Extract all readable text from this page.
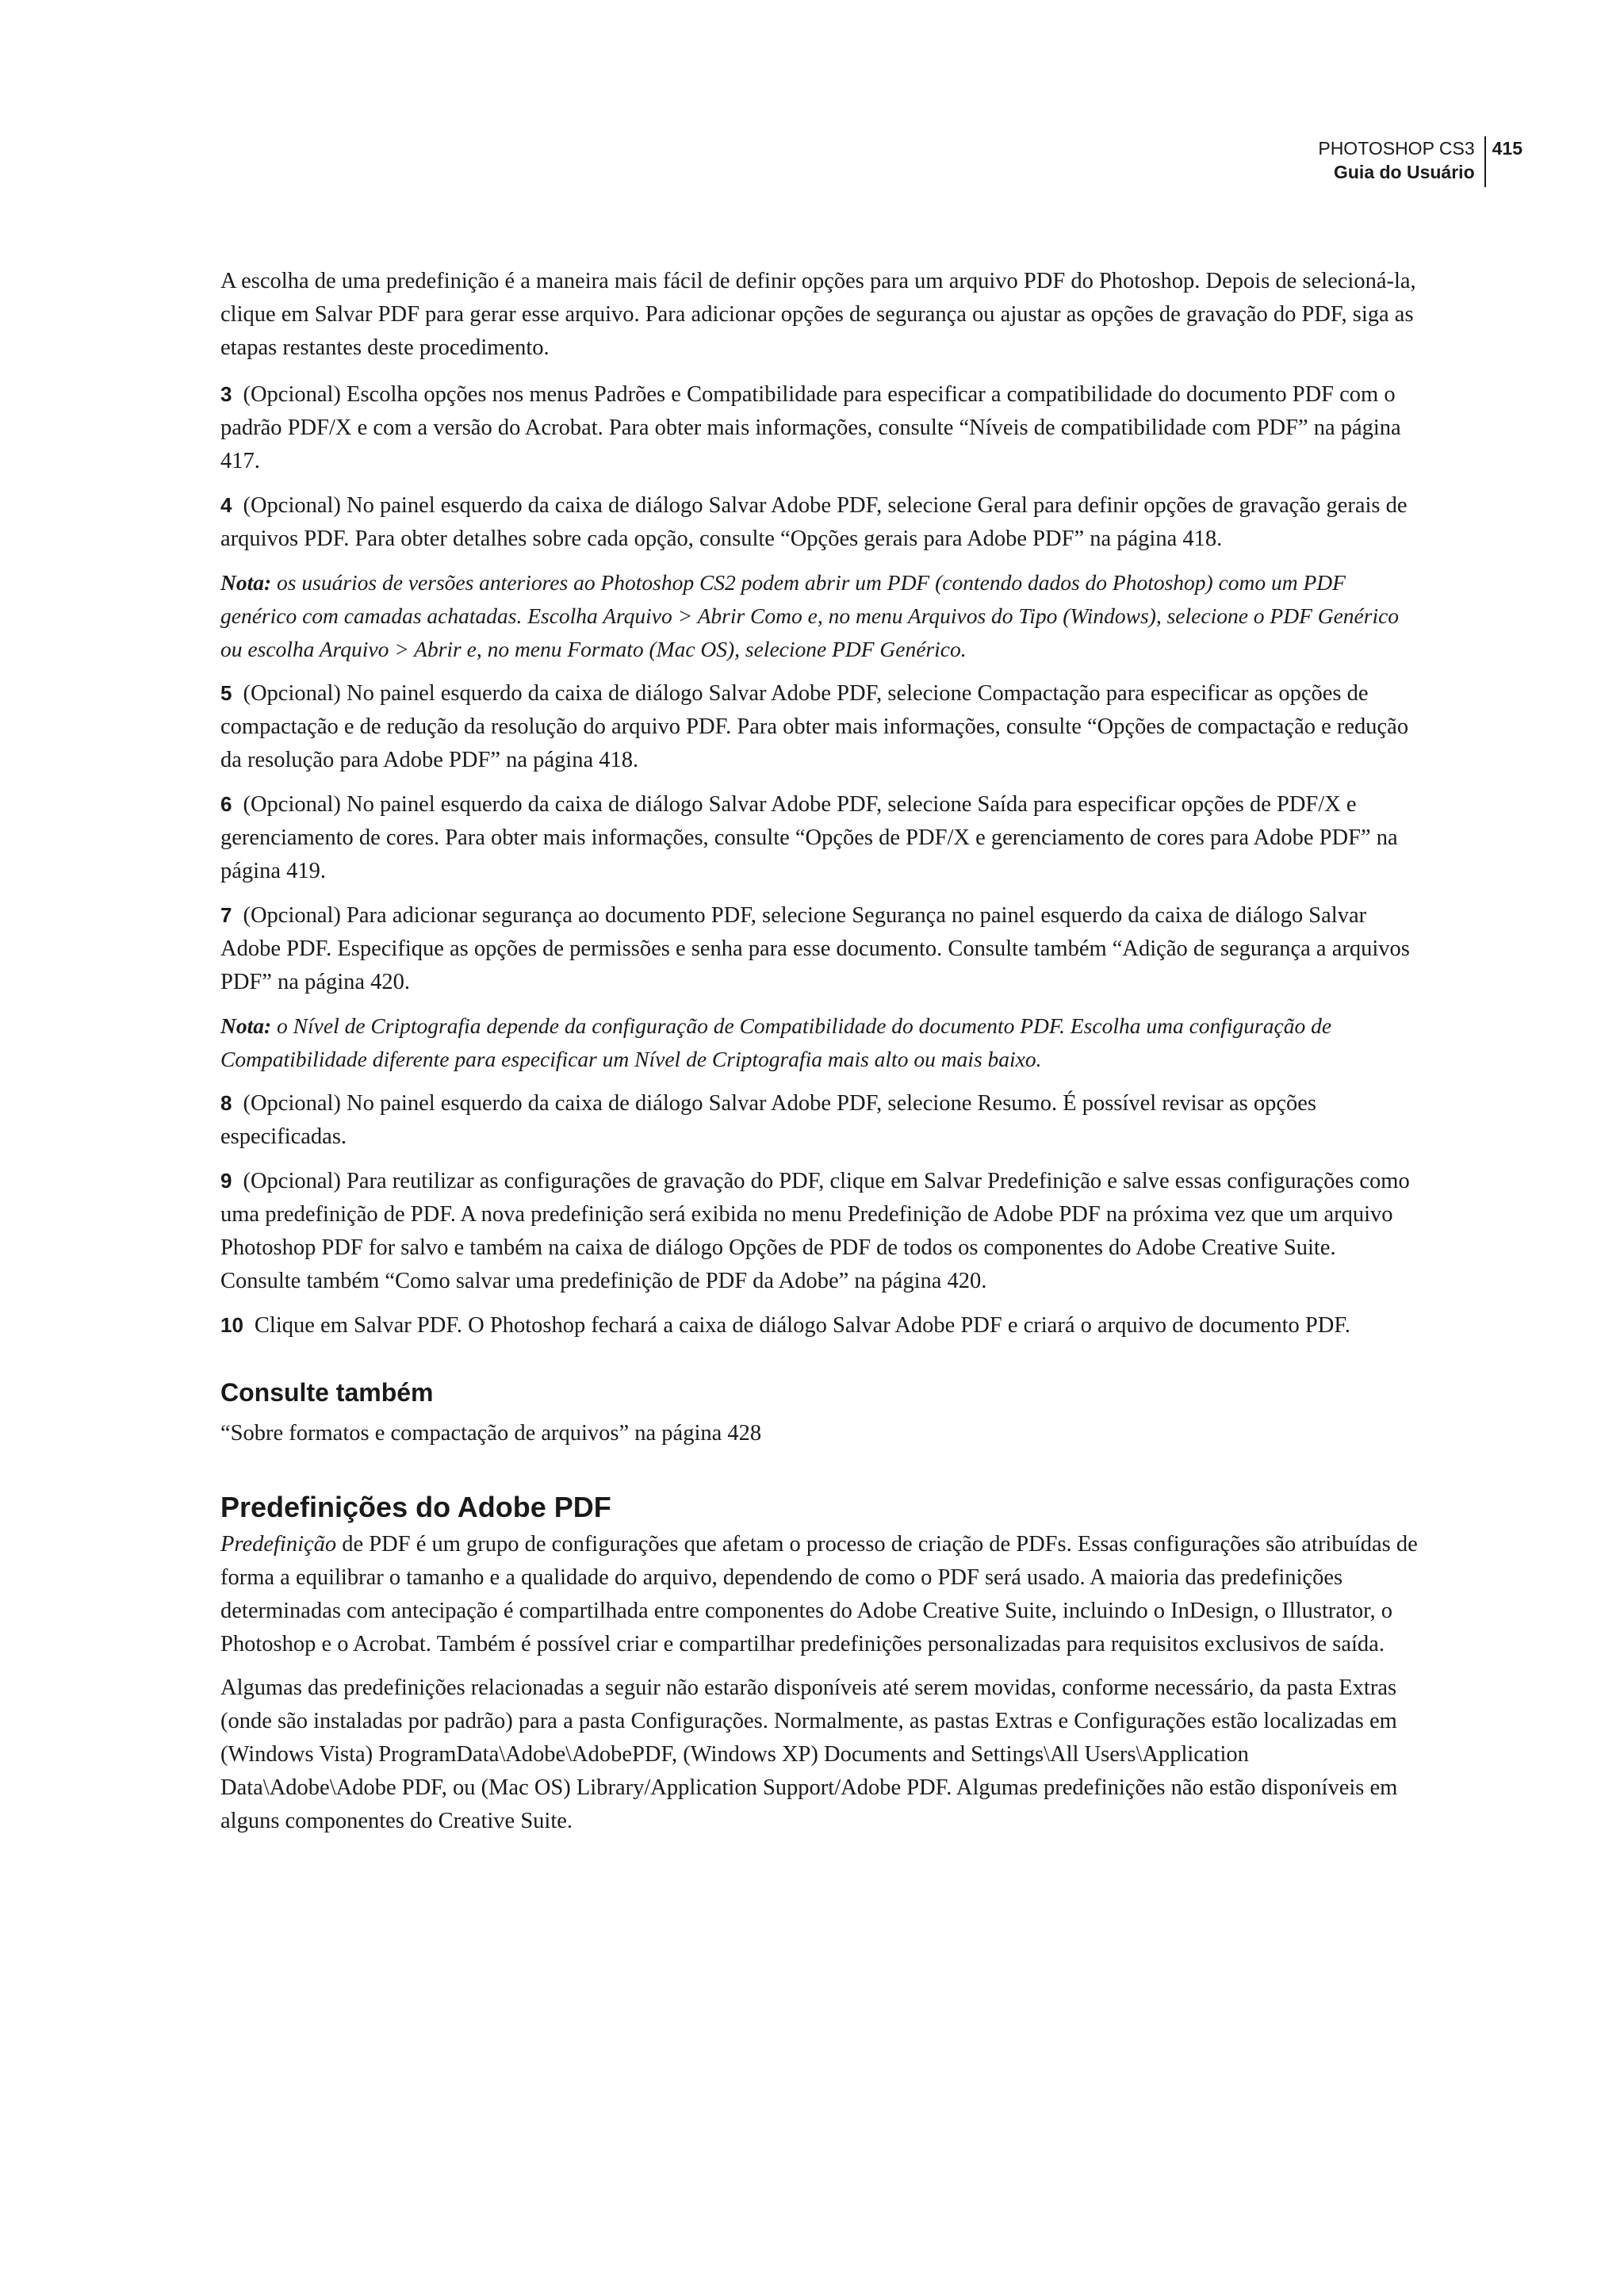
PHOTOSHOP CS3
Guia do Usuário
415

A escolha de uma predefinição é a maneira mais fácil de definir opções para um arquivo PDF do Photoshop. Depois de selecioná-la, clique em Salvar PDF para gerar esse arquivo. Para adicionar opções de segurança ou ajustar as opções de gravação do PDF, siga as etapas restantes deste procedimento.

3 (Opcional) Escolha opções nos menus Padrões e Compatibilidade para especificar a compatibilidade do documento PDF com o padrão PDF/X e com a versão do Acrobat. Para obter mais informações, consulte “Níveis de compatibilidade com PDF” na página 417.

4 (Opcional) No painel esquerdo da caixa de diálogo Salvar Adobe PDF, selecione Geral para definir opções de gravação gerais de arquivos PDF. Para obter detalhes sobre cada opção, consulte “Opções gerais para Adobe PDF” na página 418.

Nota: os usuários de versões anteriores ao Photoshop CS2 podem abrir um PDF (contendo dados do Photoshop) como um PDF genérico com camadas achatadas. Escolha Arquivo > Abrir Como e, no menu Arquivos do Tipo (Windows), selecione o PDF Genérico ou escolha Arquivo > Abrir e, no menu Formato (Mac OS), selecione PDF Genérico.

5 (Opcional) No painel esquerdo da caixa de diálogo Salvar Adobe PDF, selecione Compactação para especificar as opções de compactação e de redução da resolução do arquivo PDF. Para obter mais informações, consulte “Opções de compactação e redução da resolução para Adobe PDF” na página 418.

6 (Opcional) No painel esquerdo da caixa de diálogo Salvar Adobe PDF, selecione Saída para especificar opções de PDF/X e gerenciamento de cores. Para obter mais informações, consulte “Opções de PDF/X e gerenciamento de cores para Adobe PDF” na página 419.

7 (Opcional) Para adicionar segurança ao documento PDF, selecione Segurança no painel esquerdo da caixa de diálogo Salvar Adobe PDF. Especifique as opções de permissões e senha para esse documento. Consulte também “Adição de segurança a arquivos PDF” na página 420.

Nota: o Nível de Criptografia depende da configuração de Compatibilidade do documento PDF. Escolha uma configuração de Compatibilidade diferente para especificar um Nível de Criptografia mais alto ou mais baixo.

8 (Opcional) No painel esquerdo da caixa de diálogo Salvar Adobe PDF, selecione Resumo. É possível revisar as opções especificadas.

9 (Opcional) Para reutilizar as configurações de gravação do PDF, clique em Salvar Predefinição e salve essas configurações como uma predefinição de PDF. A nova predefinição será exibida no menu Predefinição de Adobe PDF na próxima vez que um arquivo Photoshop PDF for salvo e também na caixa de diálogo Opções de PDF de todos os componentes do Adobe Creative Suite. Consulte também “Como salvar uma predefinição de PDF da Adobe” na página 420.

10 Clique em Salvar PDF. O Photoshop fechará a caixa de diálogo Salvar Adobe PDF e criará o arquivo de documento PDF.

Consulte também

“Sobre formatos e compactação de arquivos” na página 428

Predefinições do Adobe PDF

Predefinição de PDF é um grupo de configurações que afetam o processo de criação de PDFs. Essas configurações são atribuídas de forma a equilibrar o tamanho e a qualidade do arquivo, dependendo de como o PDF será usado. A maioria das predefinições determinadas com antecipação é compartilhada entre componentes do Adobe Creative Suite, incluindo o InDesign, o Illustrator, o Photoshop e o Acrobat. Também é possível criar e compartilhar predefinições personalizadas para requisitos exclusivos de saída.

Algumas das predefinições relacionadas a seguir não estarão disponíveis até serem movidas, conforme necessário, da pasta Extras (onde são instaladas por padrão) para a pasta Configurações. Normalmente, as pastas Extras e Configurações estão localizadas em (Windows Vista) ProgramData\Adobe\AdobePDF, (Windows XP) Documents and Settings\All Users\Application Data\Adobe\Adobe PDF, ou (Mac OS) Library/Application Support/Adobe PDF. Algumas predefinições não estão disponíveis em alguns componentes do Creative Suite.
